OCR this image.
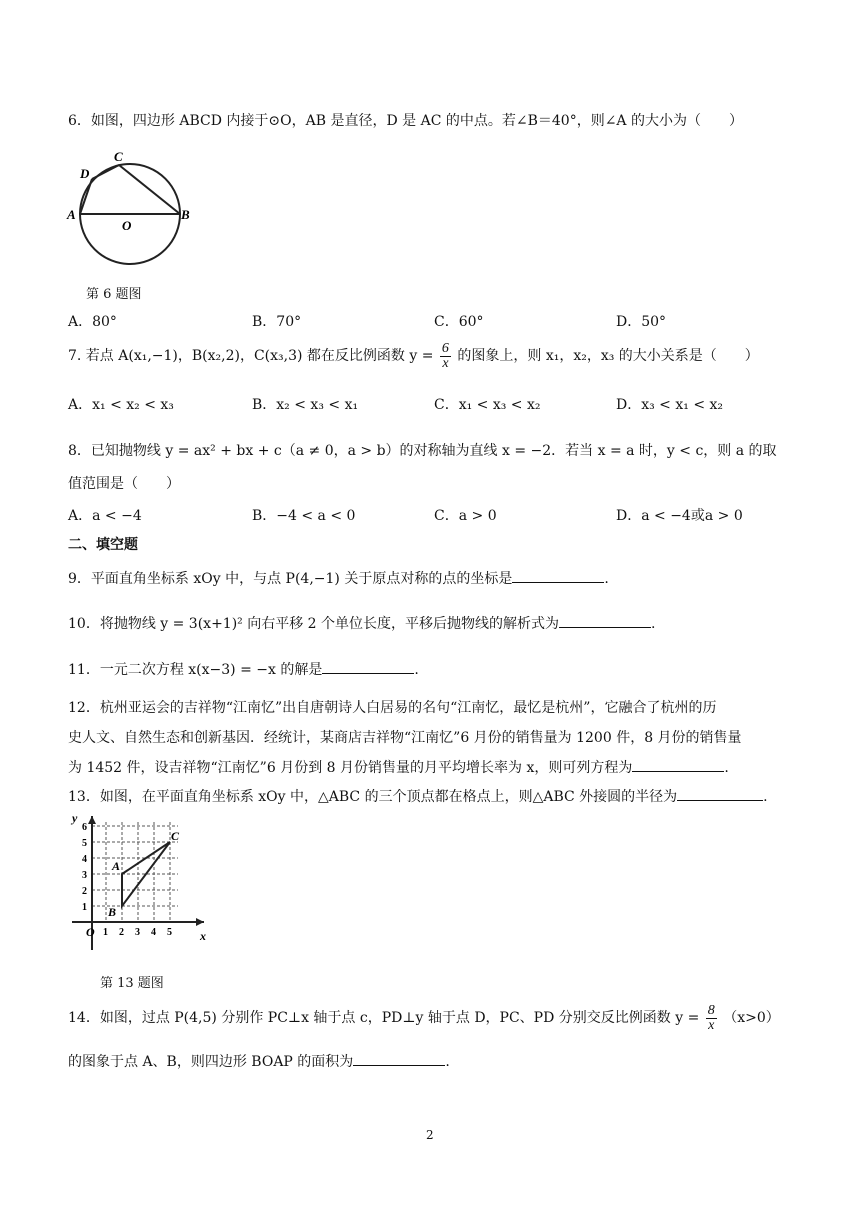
6．如图，四边形 ABCD 内接于⊙O，AB 是直径，D 是 AC 的中点。若∠B＝40°，则∠A 的大小为（　　）
C
D
A	B
O
第 6 题图
A．80°	B．70°	C．60°	D．50°
7. 若点 A(x₁,−1)，B(x₂,2)，C(x₃,3) 都在反比例函数 $y = \frac{6}{x}$ 的图象上，则 x₁，x₂，x₃ 的大小关系是（　　）
A．x₁ < x₂ < x₃	B．x₂ < x₃ < x₁	C．x₁ < x₃ < x₂	D．x₃ < x₁ < x₂
8．已知抛物线 y = ax² + bx + c（a ≠ 0，a > b）的对称轴为直线 x = −2．若当 x = a 时，y < c，则 a 的取
值范围是（　　）
A．a < −4	B．−4 < a < 0	C．a > 0	D．a < −4或a > 0
二、填空题
9．平面直角坐标系 xOy 中，与点 P(4,−1) 关于原点对称的点的坐标是	.
10．将抛物线 y = 3(x+1)² 向右平移 2 个单位长度，平移后抛物线的解析式为	.
11．一元二次方程 x(x−3) = −x 的解是	.
12．杭州亚运会的吉祥物“江南忆”出自唐朝诗人白居易的名句“江南忆，最忆是杭州”，它融合了杭州的历
史人文、自然生态和创新基因．经统计，某商店吉祥物“江南忆”6 月份的销售量为 1200 件，8 月份的销售量
为 1452 件，设吉祥物“江南忆”6 月份到 8 月份销售量的月平均增长率为 x，则可列方程为	.
13．如图，在平面直角坐标系 xOy 中，△ABC 的三个顶点都在格点上，则△ABC 外接圆的半径为	.
y
x
O
A
B
C
1 2 3 4 5
1
2
3
4
5
6
第 13 题图
14．如图，过点 P(4,5) 分别作 PC⊥x 轴于点 c，PD⊥y 轴于点 D，PC、PD 分别交反比例函数 $y = \frac{8}{x} (x>0)$
的图象于点 A、B，则四边形 BOAP 的面积为	.
2
